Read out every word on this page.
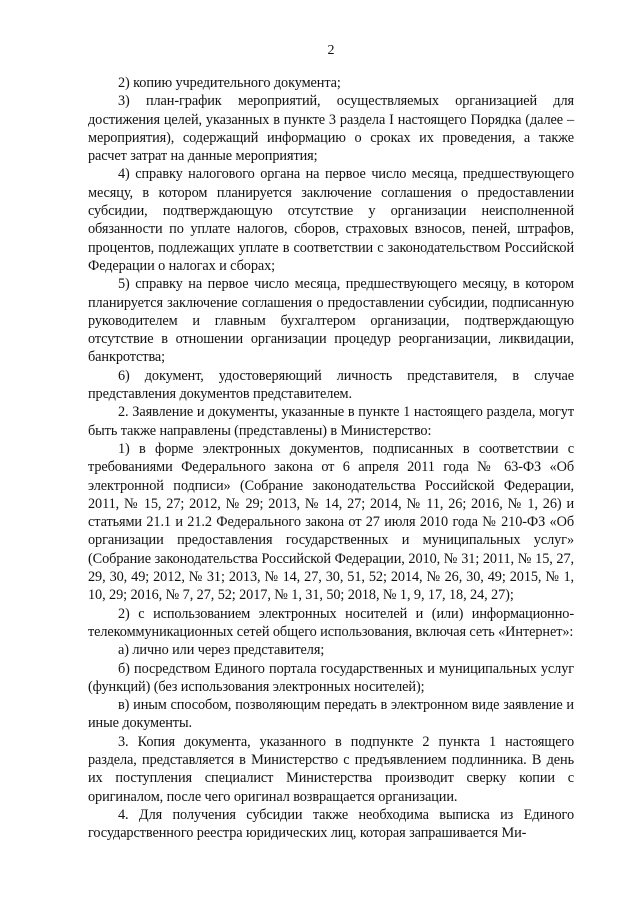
2

2) копию учредительного документа;

3) план-график мероприятий, осуществляемых организацией для достижения целей, указанных в пункте 3 раздела I настоящего Порядка (далее – мероприятия), содержащий информацию о сроках их проведения, а также расчет затрат на данные мероприятия;

4) справку налогового органа на первое число месяца, предшествующего месяцу, в котором планируется заключение соглашения о предоставлении субсидии, подтверждающую отсутствие у организации неисполненной обязанности по уплате налогов, сборов, страховых взносов, пеней, штрафов, процентов, подлежащих уплате в соответствии с законодательством Российской Федерации о налогах и сборах;

5) справку на первое число месяца, предшествующего месяцу, в котором планируется заключение соглашения о предоставлении субсидии, подписанную руководителем и главным бухгалтером организации, подтверждающую отсутствие в отношении организации процедур реорганизации, ликвидации, банкротства;

6) документ, удостоверяющий личность представителя, в случае представления документов представителем.

2. Заявление и документы, указанные в пункте 1 настоящего раздела, могут быть также направлены (представлены) в Министерство:

1) в форме электронных документов, подписанных в соответствии с требованиями Федерального закона от 6 апреля 2011 года № 63-ФЗ «Об электронной подписи» (Собрание законодательства Российской Федерации, 2011, № 15, 27; 2012, № 29; 2013, № 14, 27; 2014, № 11, 26; 2016, № 1, 26) и статьями 21.1 и 21.2 Федерального закона от 27 июля 2010 года № 210-ФЗ «Об организации предоставления государственных и муниципальных услуг» (Собрание законодательства Российской Федерации, 2010, № 31; 2011, № 15, 27, 29, 30, 49; 2012, № 31; 2013, № 14, 27, 30, 51, 52; 2014, № 26, 30, 49; 2015, № 1, 10, 29; 2016, № 7, 27, 52; 2017, № 1, 31, 50; 2018, № 1, 9, 17, 18, 24, 27);

2) с использованием электронных носителей и (или) информационно-телекоммуникационных сетей общего использования, включая сеть «Интернет»:

а) лично или через представителя;

б) посредством Единого портала государственных и муниципальных услуг (функций) (без использования электронных носителей);

в) иным способом, позволяющим передать в электронном виде заявление и иные документы.

3. Копия документа, указанного в подпункте 2 пункта 1 настоящего раздела, представляется в Министерство с предъявлением подлинника. В день их поступления специалист Министерства производит сверку копии с оригиналом, после чего оригинал возвращается организации.

4. Для получения субсидии также необходима выписка из Единого государственного реестра юридических лиц, которая запрашивается Ми-
